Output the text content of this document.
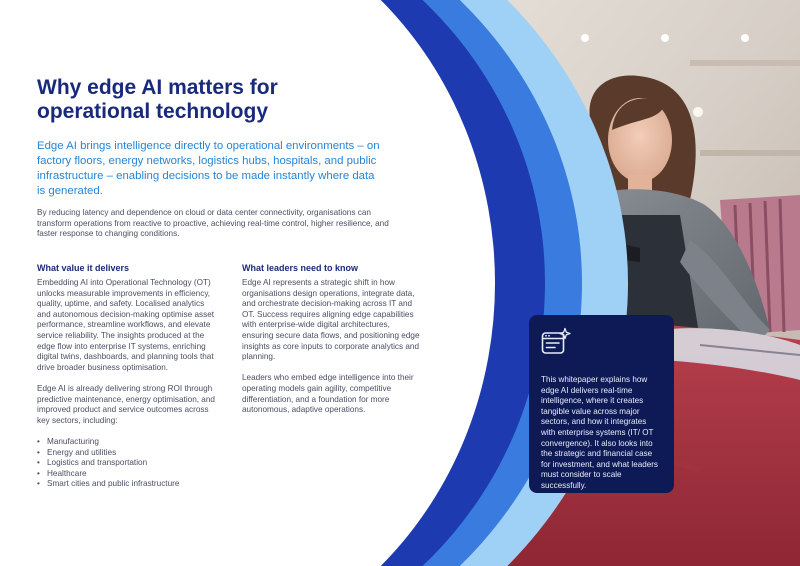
Why edge AI matters for operational technology

Edge AI brings intelligence directly to operational environments – on factory floors, energy networks, logistics hubs, hospitals, and public infrastructure – enabling decisions to be made instantly where data is generated.

By reducing latency and dependence on cloud or data center connectivity, organisations can transform operations from reactive to proactive, achieving real-time control, higher resilience, and faster response to changing conditions.

What value it delivers

Embedding AI into Operational Technology (OT) unlocks measurable improvements in efficiency, quality, uptime, and safety. Localised analytics and autonomous decision-making optimise asset performance, streamline workflows, and elevate service reliability. The insights produced at the edge flow into enterprise IT systems, enriching digital twins, dashboards, and planning tools that drive broader business optimisation.

Edge AI is already delivering strong ROI through predictive maintenance, energy optimisation, and improved product and service outcomes across key sectors, including:

• Manufacturing
• Energy and utilities
• Logistics and transportation
• Healthcare
• Smart cities and public infrastructure
What leaders need to know

Edge AI represents a strategic shift in how organisations design operations, integrate data, and orchestrate decision-making across IT and OT. Success requires aligning edge capabilities with enterprise-wide digital architectures, ensuring secure data flows, and positioning edge insights as core inputs to corporate analytics and planning.

Leaders who embed edge intelligence into their operating models gain agility, competitive differentiation, and a foundation for more autonomous, adaptive operations.

This whitepaper explains how edge AI delivers real-time intelligence, where it creates tangible value across major sectors, and how it integrates with enterprise systems (IT/ OT convergence). It also looks into the strategic and financial case for investment, and what leaders must consider to scale successfully.
